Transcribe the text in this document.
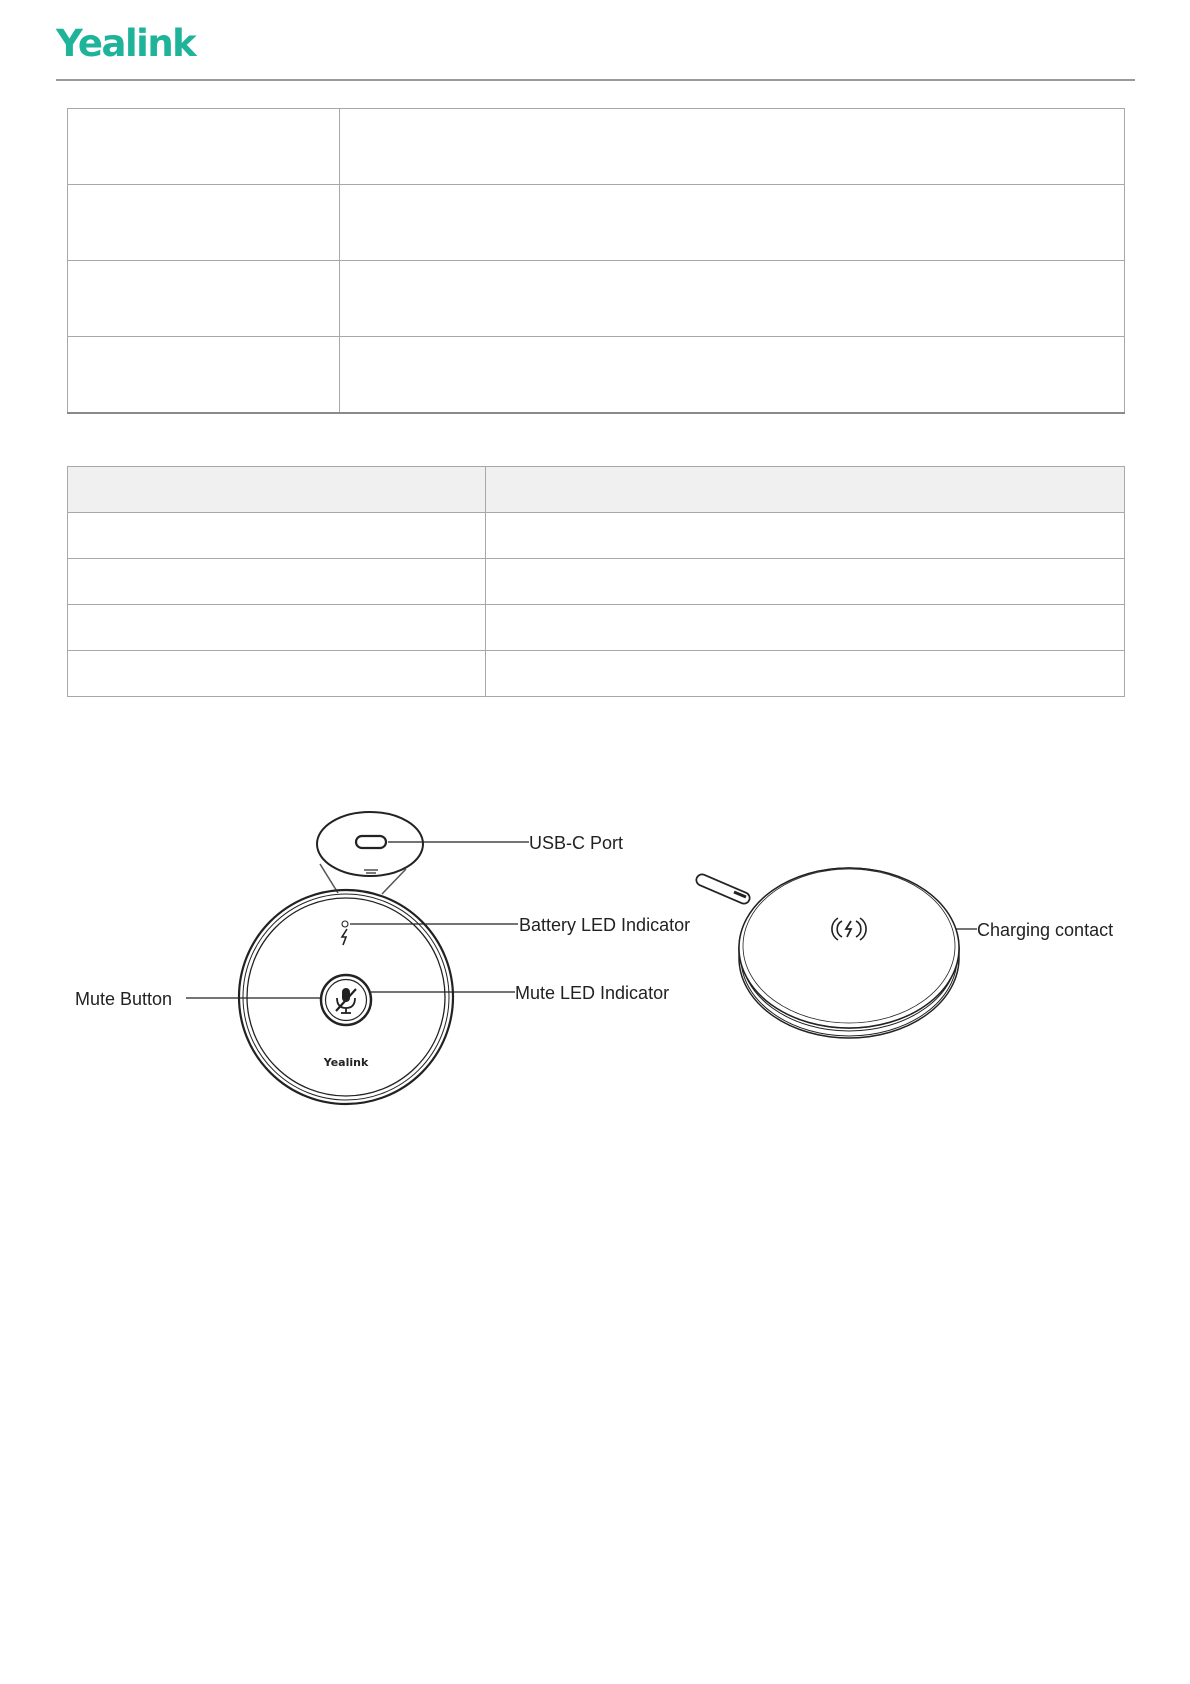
Yealink

Yealink
USB-C Port
Battery LED Indicator
Mute Button	Mute LED Indicator
Charging contact
